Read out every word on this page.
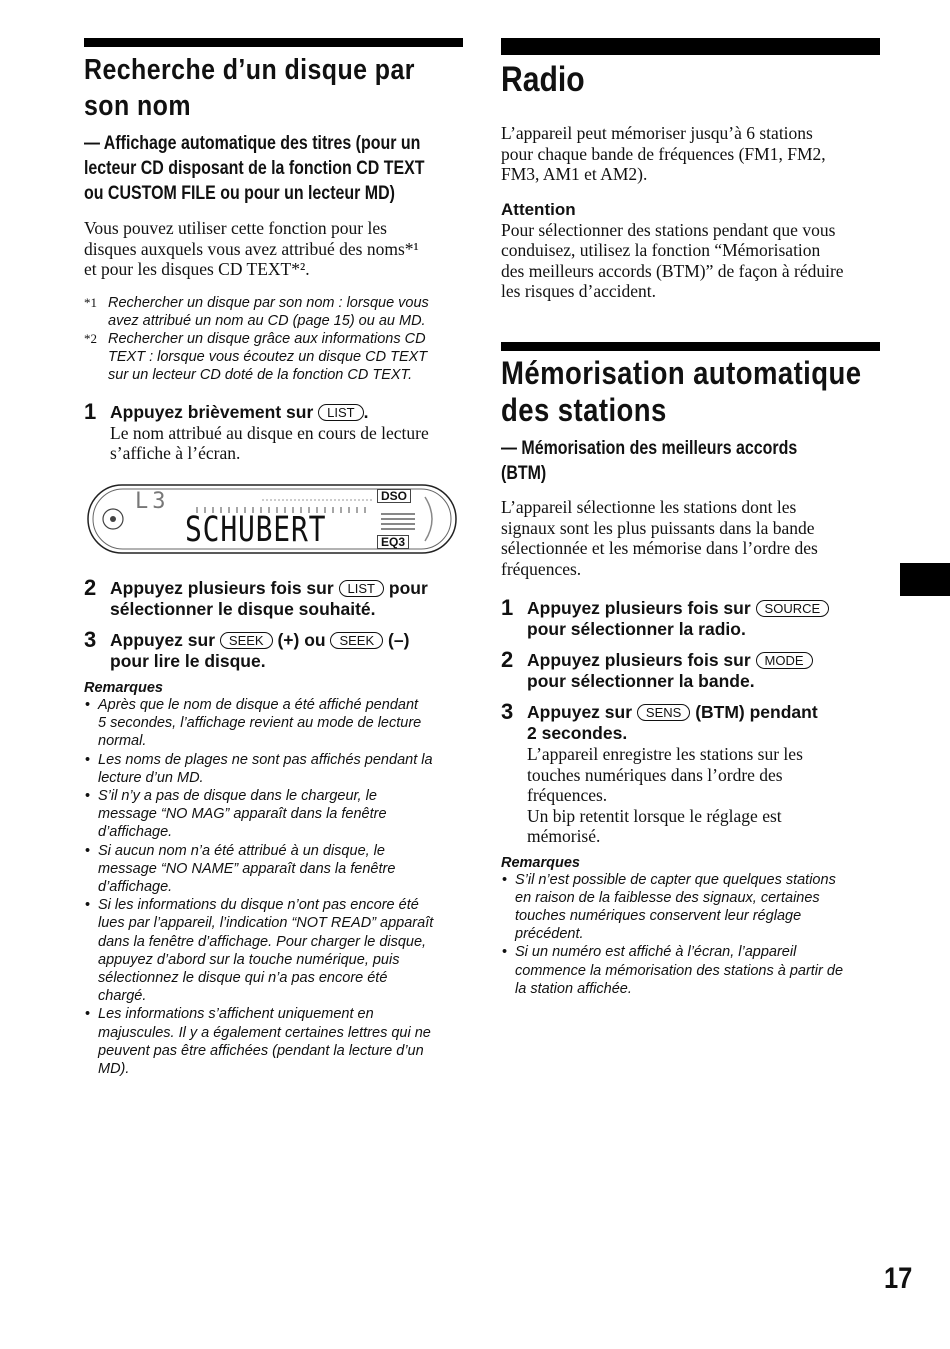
Recherche d’un disque par
son nom
— Affichage automatique des titres (pour un
lecteur CD disposant de la fonction CD TEXT
ou CUSTOM FILE ou pour un lecteur MD)
Vous pouvez utiliser cette fonction pour les
disques auxquels vous avez attribué des noms*¹
et pour les disques CD TEXT*².
*1 Rechercher un disque par son nom : lorsque vous
avez attribué un nom au CD (page 15) ou au MD.
*2 Rechercher un disque grâce aux informations CD
TEXT : lorsque vous écoutez un disque CD TEXT
sur un lecteur CD doté de la fonction CD TEXT.
1 Appuyez brièvement sur LIST .
Le nom attribué au disque en cours de lecture
s’affiche à l’écran.
L3
SCHUBERT
DSO
EQ3
2 Appuyez plusieurs fois sur LIST pour
sélectionner le disque souhaité.
3 Appuyez sur SEEK (+) ou SEEK (–)
pour lire le disque.
Remarques
• Après que le nom de disque a été affiché pendant
5 secondes, l’affichage revient au mode de lecture
normal.
• Les noms de plages ne sont pas affichés pendant la
lecture d’un MD.
• S’il n’y a pas de disque dans le chargeur, le
message “NO MAG” apparaît dans la fenêtre
d’affichage.
• Si aucun nom n’a été attribué à un disque, le
message “NO NAME” apparaît dans la fenêtre
d’affichage.
• Si les informations du disque n’ont pas encore été
lues par l’appareil, l’indication “NOT READ” apparaît
dans la fenêtre d’affichage. Pour charger le disque,
appuyez d’abord sur la touche numérique, puis
sélectionnez le disque qui n’a pas encore été
chargé.
• Les informations s’affichent uniquement en
majuscules. Il y a également certaines lettres qui ne
peuvent pas être affichées (pendant la lecture d’un
MD).
Radio
L’appareil peut mémoriser jusqu’à 6 stations
pour chaque bande de fréquences (FM1, FM2,
FM3, AM1 et AM2).
Attention
Pour sélectionner des stations pendant que vous
conduisez, utilisez la fonction “Mémorisation
des meilleurs accords (BTM)” de façon à réduire
les risques d’accident.
Mémorisation automatique
des stations
— Mémorisation des meilleurs accords
(BTM)
L’appareil sélectionne les stations dont les
signaux sont les plus puissants dans la bande
sélectionnée et les mémorise dans l’ordre des
fréquences.
1 Appuyez plusieurs fois sur SOURCE
pour sélectionner la radio.
2 Appuyez plusieurs fois sur MODE
pour sélectionner la bande.
3 Appuyez sur SENS (BTM) pendant
2 secondes.
L’appareil enregistre les stations sur les
touches numériques dans l’ordre des
fréquences.
Un bip retentit lorsque le réglage est
mémorisé.
Remarques
• S’il n’est possible de capter que quelques stations
en raison de la faiblesse des signaux, certaines
touches numériques conservent leur réglage
précédent.
• Si un numéro est affiché à l’écran, l’appareil
commence la mémorisation des stations à partir de
la station affichée.
17
